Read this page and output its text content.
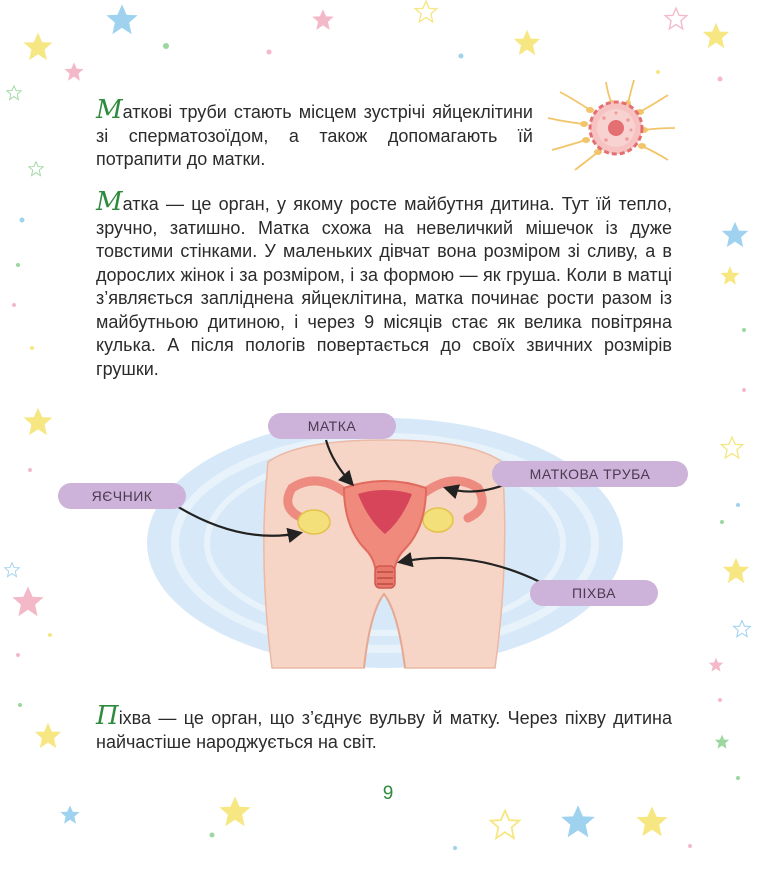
МАТКА
ЯЄЧНИК
МАТКОВА ТРУБА
ПІХВА
Маткові труби стають місцем зустрічі яйцеклітини зі сперматозоїдом, а також допомагають їй потрапити до матки.
Матка — це орган, у якому росте майбутня дитина. Тут їй тепло, зручно, затишно. Матка схожа на невеличкий мішечок із дуже товстими стінками. У маленьких дівчат вона розміром зі сливу, а в дорослих жінок і за розміром, і за формою — як груша. Коли в матці з’являється запліднена яйцеклітина, матка починає рости разом із майбутньою дитиною, і через 9 місяців стає як велика повітряна кулька. А після пологів повертається до своїх звичних розмірів грушки.
Піхва — це орган, що з’єднує вульву й матку. Через піхву дитина найчастіше народжується на світ.
9
